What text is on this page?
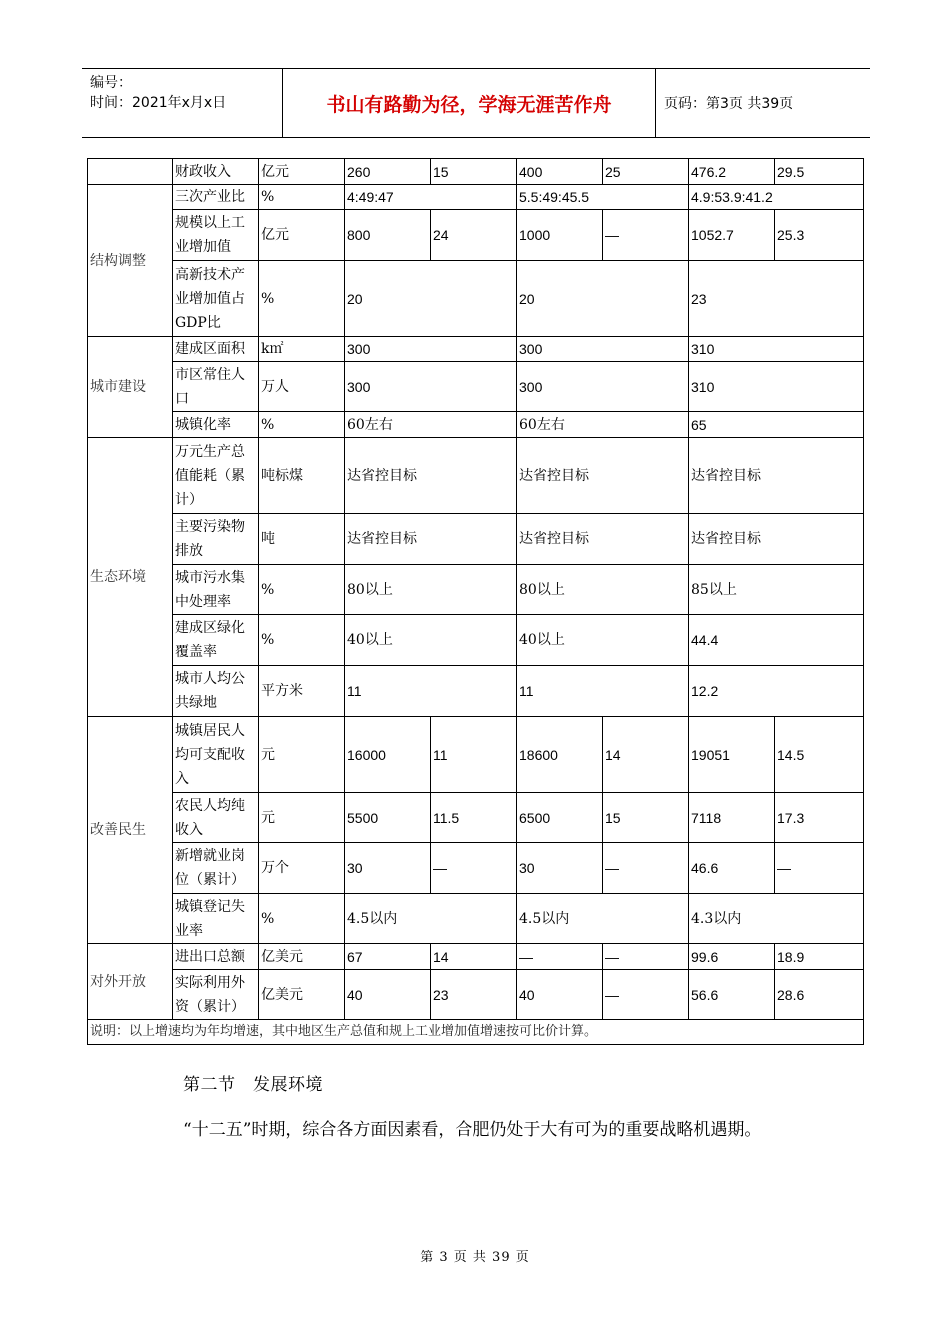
编号：
时间：2021年x月x日	书山有路勤为径，学海无涯苦作舟	页码：第3页 共39页
	财政收入	亿元	260	15	400	25	476.2	29.5
结构调整	三次产业比	%	4:49:47		5.5:49:45.5		4.9:53.9:41.2	
	规模以上工业增加值	亿元	800	24	1000	—	1052.7	25.3
	高新技术产业增加值占GDP比	%	20		20		23	
城市建设	建成区面积	k㎡	300		300		310	
	市区常住人口	万人	300		300		310	
	城镇化率	%	60左右		60左右		65	
生态环境	万元生产总值能耗（累计）	吨标煤	达省控目标		达省控目标		达省控目标	
	主要污染物排放	吨	达省控目标		达省控目标		达省控目标	
	城市污水集中处理率	%	80以上		80以上		85以上	
	建成区绿化覆盖率	%	40以上		40以上		44.4	
	城市人均公共绿地	平方米	11		11		12.2	
改善民生	城镇居民人均可支配收入	元	16000	11	18600	14	19051	14.5
	农民人均纯收入	元	5500	11.5	6500	15	7118	17.3
	新增就业岗位（累计）	万个	30	—	30	—	46.6	—
	城镇登记失业率	%	4.5以内		4.5以内		4.3以内	
对外开放	进出口总额	亿美元	67	14	—	—	99.6	18.9
	实际利用外资（累计）	亿美元	40	23	40	—	56.6	28.6
说明：以上增速均为年均增速，其中地区生产总值和规上工业增加值增速按可比价计算。								
第二节　发展环境
“十二五”时期，综合各方面因素看，合肥仍处于大有可为的重要战略机遇期。
第 3 页 共 39 页
